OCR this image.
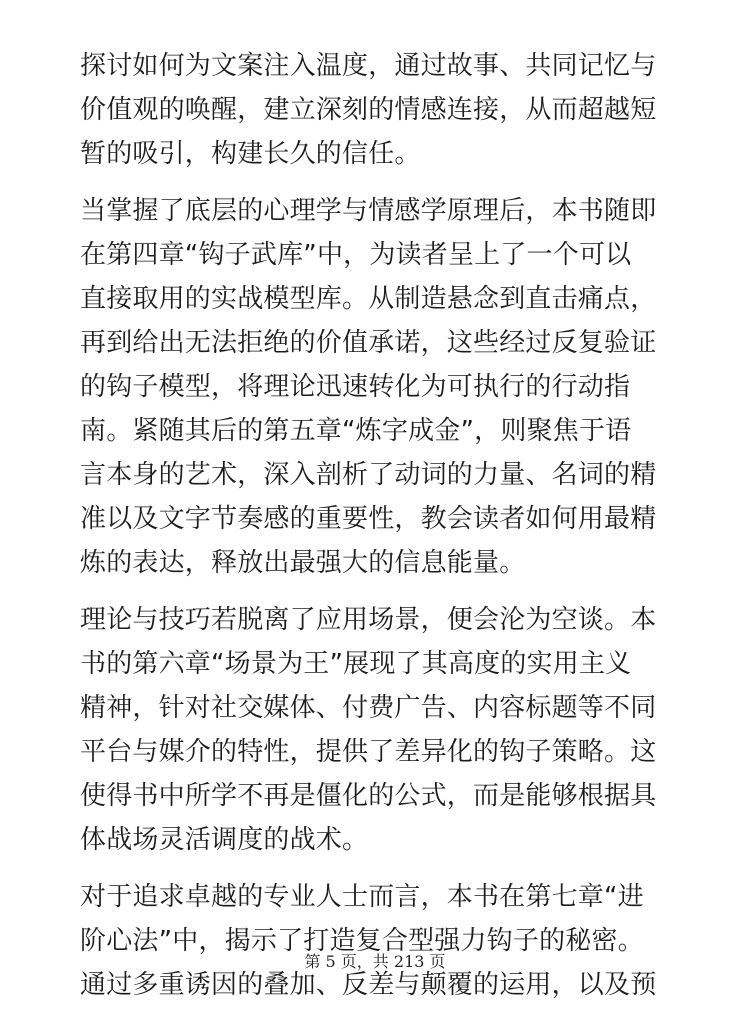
探讨如何为文案注入温度，通过故事、共同记忆与
价值观的唤醒，建立深刻的情感连接，从而超越短
暂的吸引，构建长久的信任。
当掌握了底层的心理学与情感学原理后，本书随即
在第四章“钩子武库”中，为读者呈上了一个可以
直接取用的实战模型库。从制造悬念到直击痛点，
再到给出无法拒绝的价值承诺，这些经过反复验证
的钩子模型，将理论迅速转化为可执行的行动指
南。紧随其后的第五章“炼字成金”，则聚焦于语
言本身的艺术，深入剖析了动词的力量、名词的精
准以及文字节奏感的重要性，教会读者如何用最精
炼的表达，释放出最强大的信息能量。
理论与技巧若脱离了应用场景，便会沦为空谈。本
书的第六章“场景为王”展现了其高度的实用主义
精神，针对社交媒体、付费广告、内容标题等不同
平台与媒介的特性，提供了差异化的钩子策略。这
使得书中所学不再是僵化的公式，而是能够根据具
体战场灵活调度的战术。
对于追求卓越的专业人士而言，本书在第七章“进
阶心法”中，揭示了打造复合型强力钩子的秘密。
通过多重诱因的叠加、反差与颠覆的运用，以及预
第 5 页，共 213 页
